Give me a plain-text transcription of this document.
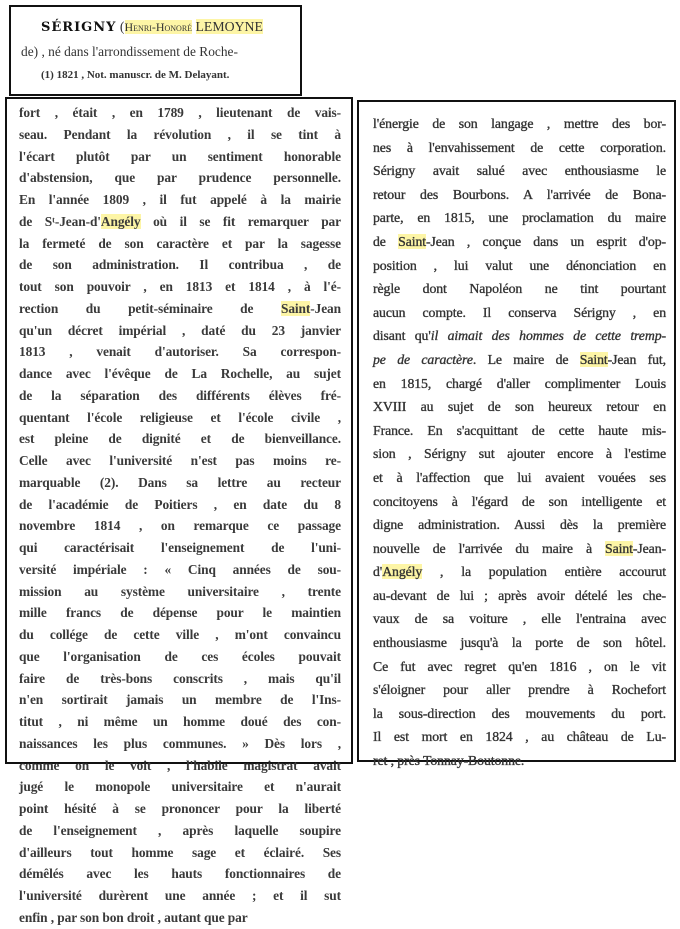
SÉRIGNY (Henri-Honoré LEMOYNE
de) , né dans l'arrondissement de Roche-
(1) 1821 , Not. manuscr. de M. Delayant.
fort , était , en 1789 , lieutenant de vais-
seau. Pendant la révolution , il se tint à
l'écart plutôt par un sentiment honorable
d'abstension, que par prudence personnelle.
En l'année 1809 , il fut appelé à la mairie
de Sᵗ-Jean-d'Angély où il se fit remarquer par
la fermeté de son caractère et par la sagesse
de son administration. Il contribua , de
tout son pouvoir , en 1813 et 1814 , à l'é-
rection du petit-séminaire de Saint-Jean
qu'un décret impérial , daté du 23 janvier
1813 , venait d'autoriser. Sa correspon-
dance avec l'évêque de La Rochelle, au sujet
de la séparation des différents élèves fré-
quentant l'école religieuse et l'école civile ,
est pleine de dignité et de bienveillance.
Celle avec l'université n'est pas moins re-
marquable (2). Dans sa lettre au recteur
de l'académie de Poitiers , en date du 8
novembre 1814 , on remarque ce passage
qui caractérisait l'enseignement de l'uni-
versité impériale : « Cinq années de sou-
mission au système universitaire , trente
mille francs de dépense pour le maintien
du collége de cette ville , m'ont convaincu
que l'organisation de ces écoles pouvait
faire de très-bons conscrits , mais qu'il
n'en sortirait jamais un membre de l'Ins-
titut , ni même un homme doué des con-
naissances les plus communes. » Dès lors ,
comme on le voit , l'habile magistrat avait
jugé le monopole universitaire et n'aurait
point hésité à se prononcer pour la liberté
de l'enseignement , après laquelle soupire
d'ailleurs tout homme sage et éclairé. Ses
démêlés avec les hauts fonctionnaires de
l'université durèrent une année ; et il sut
enfin , par son bon droit , autant que par
l'énergie de son langage , mettre des bor-
nes à l'envahissement de cette corporation.
Sérigny avait salué avec enthousiasme le
retour des Bourbons. A l'arrivée de Bona-
parte, en 1815, une proclamation du maire
de Saint-Jean , conçue dans un esprit d'op-
position , lui valut une dénonciation en
règle dont Napoléon ne tint pourtant
aucun compte. Il conserva Sérigny , en
disant qu'il aimait des hommes de cette tremp-
pe de caractère. Le maire de Saint-Jean fut,
en 1815, chargé d'aller complimenter Louis
XVIII au sujet de son heureux retour en
France. En s'acquittant de cette haute mis-
sion , Sérigny sut ajouter encore à l'estime
et à l'affection que lui avaient vouées ses
concitoyens à l'égard de son intelligente et
digne administration. Aussi dès la première
nouvelle de l'arrivée du maire à Saint-Jean-
d'Angély , la population entière accourut
au-devant de lui ; après avoir dételé les che-
vaux de sa voiture , elle l'entraina avec
enthousiasme jusqu'à la porte de son hôtel.
Ce fut avec regret qu'en 1816 , on le vit
s'éloigner pour aller prendre à Rochefort
la sous-direction des mouvements du port.
Il est mort en 1824 , au château de Lu-
ret , près Tonnay-Boutonne.
